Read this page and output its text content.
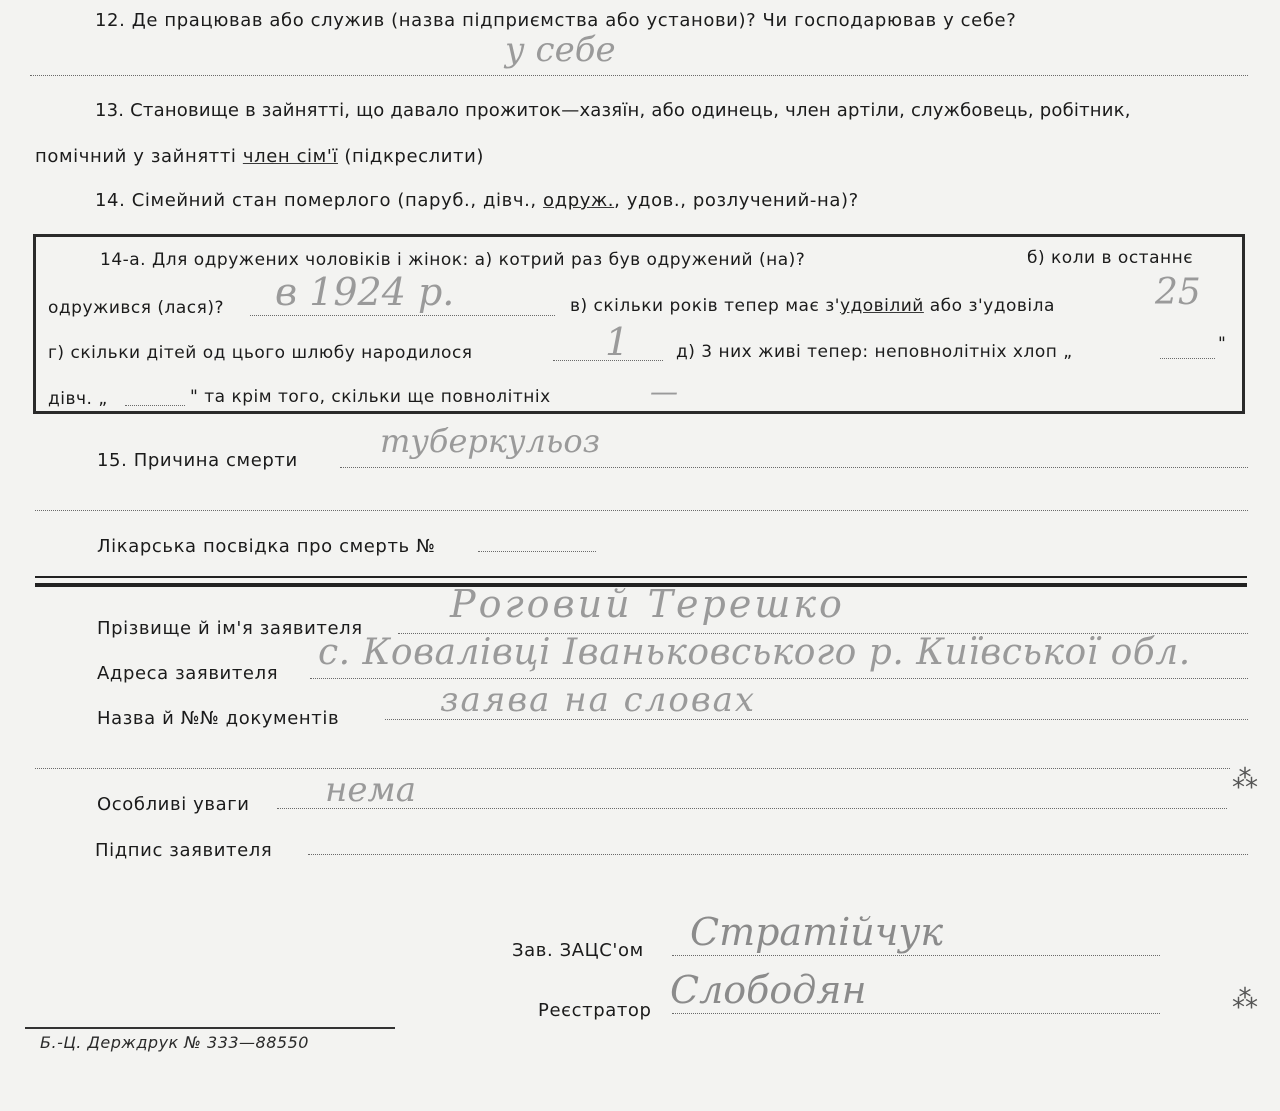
12. Де працював або служив (назва підприємства або установи)? Чи господарював у себе?
у себе
13. Становище в зайнятті, що давало прожиток—хазяїн, або одинець, член артіли, службовець, робітник,
помічний у зайнятті член сім'ї (підкреслити)
14. Сімейний стан померлого (паруб., дівч., одруж., удов., розлучений-на)?
14-а. Для одружених чоловіків і жінок: а) котрий раз був одружений (на)?	б) коли в останнє
одружився (лася)? в 1924 р.	в) скільки років тепер має з'удовілий або з'удовіла	25
г) скільки дітей од цього шлюбу народилося	1	д) 3 них живі тепер: неповнолітніх хлоп „	"
дівч. „	" та крім того, скільки ще повнолітніх	—
15. Причина смерти
туберкульоз
Лікарська посвідка про смерть №
Прізвище й ім'я заявителя
Роговий Терешко
Адреса заявителя
с. Ковалівці Іваньковського р. Київської обл.
Назва й №№ документів	заява на словах
⁂
Особливі уваги нема
Підпис заявителя
Зав. ЗАЦС'ом Стратійчук
Реєстратор Слободян	⁂
Б.-Ц. Держдрук № 333—88550
